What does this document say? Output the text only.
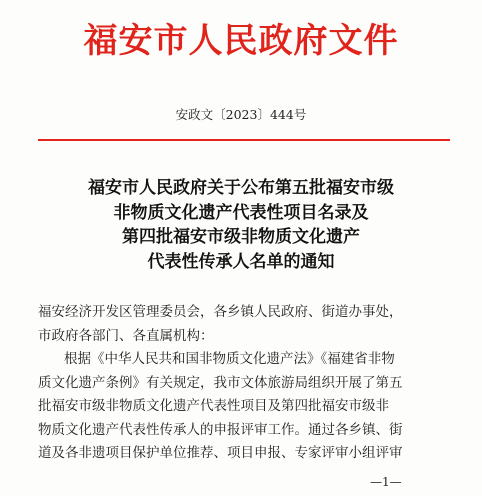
福安市人民政府文件
安政文〔2023〕444号
福安市人民政府关于公布第五批福安市级
非物质文化遗产代表性项目名录及
第四批福安市级非物质文化遗产
代表性传承人名单的通知
福安经济开发区管理委员会，各乡镇人民政府、街道办事处，
市政府各部门、各直属机构：
根据《中华人民共和国非物质文化遗产法》《福建省非物
质文化遗产条例》有关规定，我市文体旅游局组织开展了第五
批福安市级非物质文化遗产代表性项目及第四批福安市级非
物质文化遗产代表性传承人的申报评审工作。通过各乡镇、街
道及各非遗项目保护单位推荐、项目申报、专家评审小组评审
—1—
